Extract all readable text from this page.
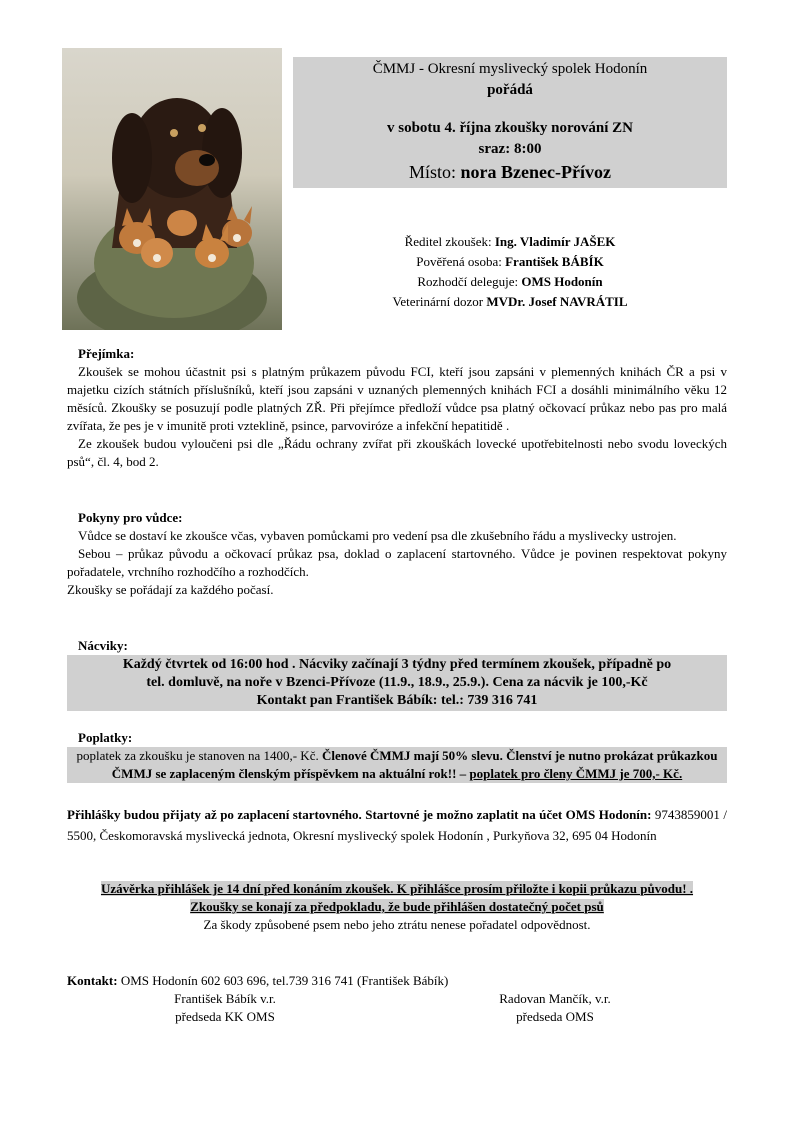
ČMMJ - Okresní myslivecký spolek Hodonín
pořádá
v sobotu 4. října zkoušky norování ZN
sraz: 8:00
Místo: nora Bzenec-Přívoz
Ředitel zkoušek: Ing. Vladimír JAŠEK
Pověřená osoba: František BÁBÍK
Rozhodčí deleguje: OMS Hodonín
Veterinární dozor MVDr. Josef NAVRÁTIL
Přejímka:
Zkoušek se mohou účastnit psi s platným průkazem původu FCI, kteří jsou zapsáni v plemenných knihách ČR a psi v majetku cizích státních příslušníků, kteří jsou zapsáni v uznaných plemenných knihách FCI a dosáhli minimálního věku 12 měsíců. Zkoušky se posuzují podle platných ZŘ. Při přejímce předloží vůdce psa platný očkovací průkaz nebo pas pro malá zvířata, že pes je v imunitě proti vzteklině, psince, parvoviróze a infekční hepatitidě .
Ze zkoušek budou vyloučeni psi dle „Řádu ochrany zvířat při zkouškách lovecké upotřebitelnosti nebo svodu loveckých psů“, čl. 4, bod 2.
Pokyny pro vůdce:
Vůdce se dostaví ke zkoušce včas, vybaven pomůckami pro vedení psa dle zkušebního řádu a myslivecky ustrojen.
Sebou – průkaz původu a očkovací průkaz psa, doklad o zaplacení startovného. Vůdce je povinen respektovat pokyny pořadatele, vrchního rozhodčího a rozhodčích.
Zkoušky se pořádají za každého počasí.
Nácviky:
Každý čtvrtek od 16:00 hod . Nácviky začínají 3 týdny před termínem zkoušek, případně po
tel. domluvě, na noře v Bzenci-Přívoze (11.9., 18.9., 25.9.). Cena za nácvik je 100,-Kč
Kontakt pan František Bábík: tel.: 739 316 741
Poplatky:
poplatek za zkoušku je stanoven na 1400,- Kč. Členové ČMMJ mají 50% slevu. Členství je nutno prokázat průkazkou ČMMJ se zaplaceným členským příspěvkem na aktuální rok!! – poplatek pro členy ČMMJ je 700,- Kč.
Přihlášky budou přijaty až po zaplacení startovného. Startovné je možno zaplatit na účet OMS Hodonín: 9743859001 / 5500, Českomoravská myslivecká jednota, Okresní myslivecký spolek Hodonín , Purkyňova 32, 695 04 Hodonín
Uzávěrka přihlášek je 14 dní před konáním zkoušek. K přihlášce prosím přiložte i kopii průkazu původu! .
Zkoušky se konají za předpokladu, že bude přihlášen dostatečný počet psů
Za škody způsobené psem nebo jeho ztrátu nenese pořadatel odpovědnost.
Kontakt: OMS Hodonín 602 603 696, tel.739 316 741 (František Bábík)
František Bábík v.r.
předseda KK OMS
Radovan Mančík, v.r.
předseda OMS
